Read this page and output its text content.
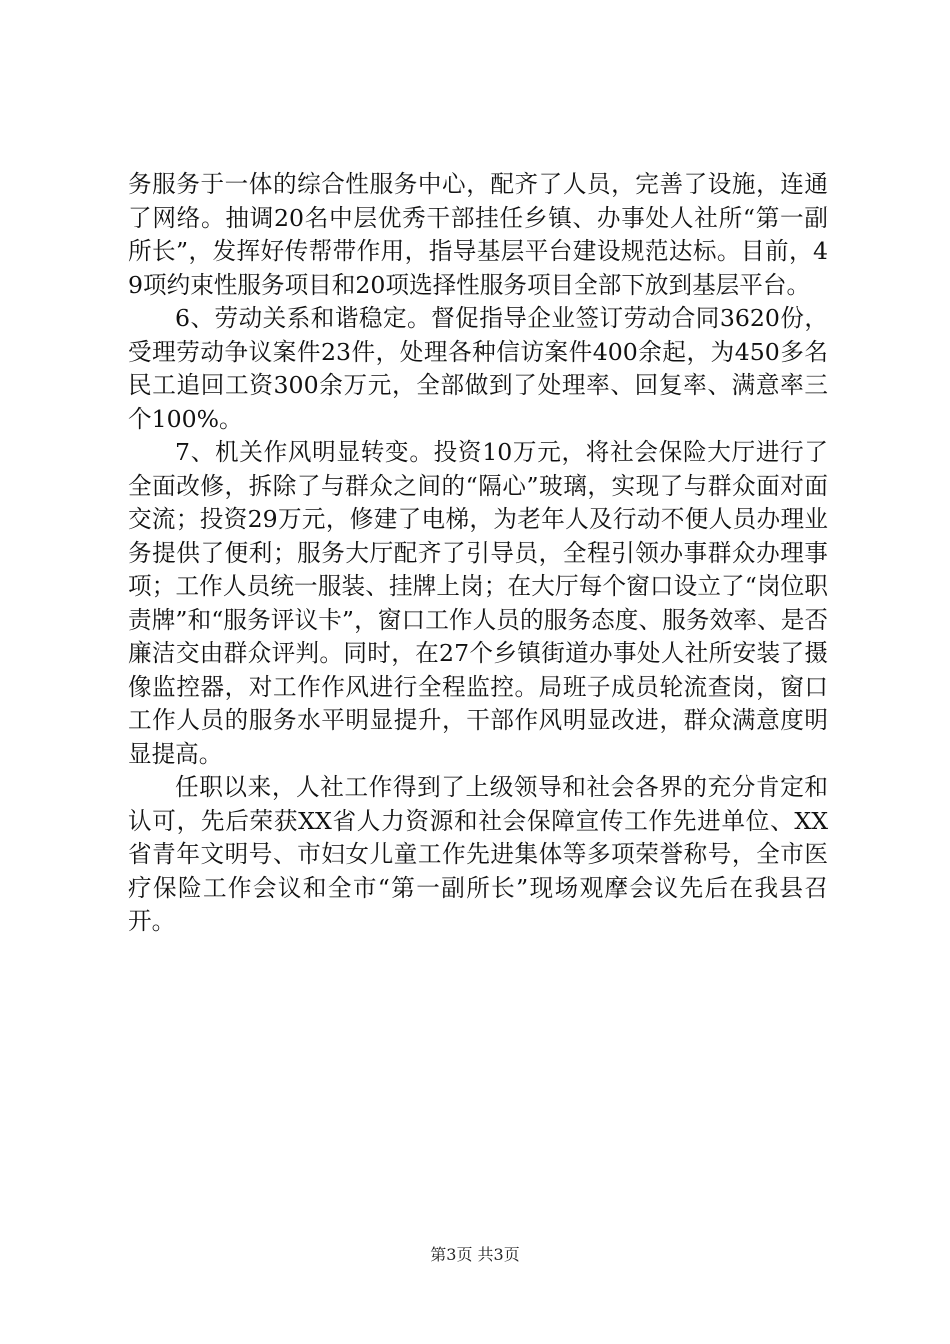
务服务于一体的综合性服务中心，配齐了人员，完善了设施，连通了网络。抽调20名中层优秀干部挂任乡镇、办事处人社所“第一副所长”，发挥好传帮带作用，指导基层平台建设规范达标。目前，49项约束性服务项目和20项选择性服务项目全部下放到基层平台。

6、劳动关系和谐稳定。督促指导企业签订劳动合同3620份，受理劳动争议案件23件，处理各种信访案件400余起，为450多名民工追回工资300余万元，全部做到了处理率、回复率、满意率三个100%。

7、机关作风明显转变。投资10万元，将社会保险大厅进行了全面改修，拆除了与群众之间的“隔心”玻璃，实现了与群众面对面交流；投资29万元，修建了电梯，为老年人及行动不便人员办理业务提供了便利；服务大厅配齐了引导员，全程引领办事群众办理事项；工作人员统一服装、挂牌上岗；在大厅每个窗口设立了“岗位职责牌”和“服务评议卡”，窗口工作人员的服务态度、服务效率、是否廉洁交由群众评判。同时，在27个乡镇街道办事处人社所安装了摄像监控器，对工作作风进行全程监控。局班子成员轮流查岗，窗口工作人员的服务水平明显提升，干部作风明显改进，群众满意度明显提高。

任职以来，人社工作得到了上级领导和社会各界的充分肯定和认可，先后荣获XX省人力资源和社会保障宣传工作先进单位、XX省青年文明号、市妇女儿童工作先进集体等多项荣誉称号，全市医疗保险工作会议和全市“第一副所长”现场观摩会议先后在我县召开。

第3页 共3页
